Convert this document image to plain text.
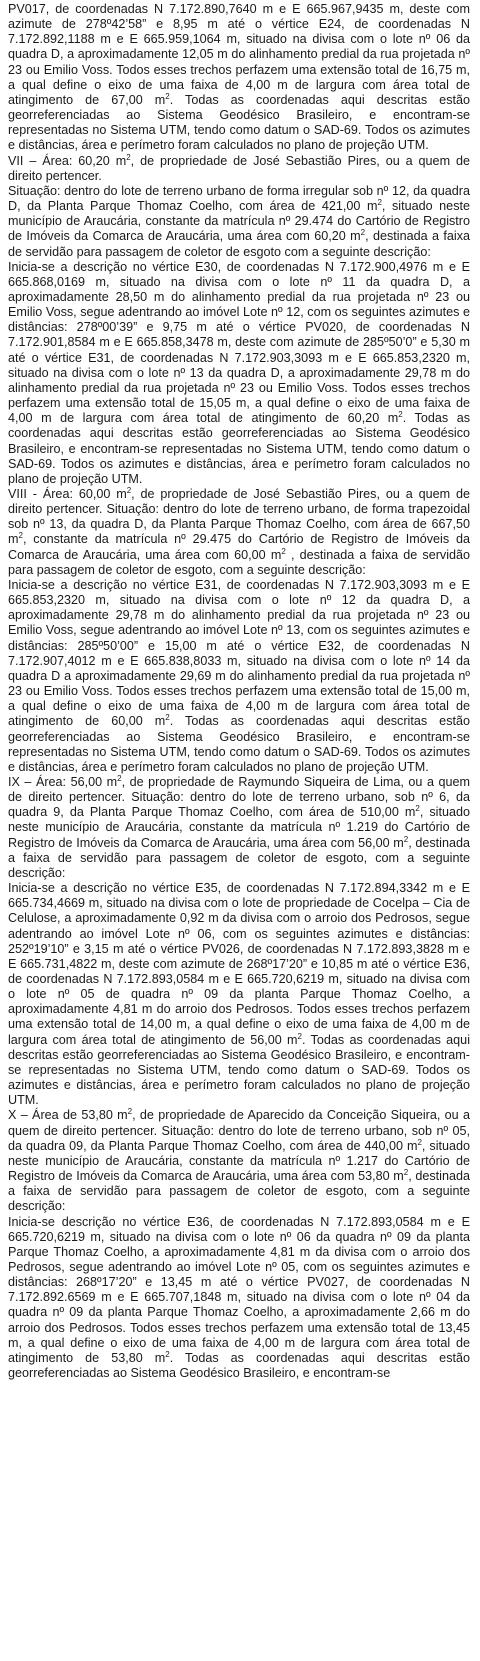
PV017, de coordenadas N 7.172.890,7640 m e E 665.967,9435 m, deste com azimute de 278º42’58” e 8,95 m até o vértice E24, de coordenadas N 7.172.892,1188 m e E 665.959,1064 m, situado na divisa com o lote nº 06 da quadra D, a aproximadamente 12,05 m do alinhamento predial da rua projetada nº 23 ou Emilio Voss. Todos esses trechos perfazem uma extensão total de 16,75 m, a qual define o eixo de uma faixa de 4,00 m de largura com área total de atingimento de 67,00 $m^2$. Todas as coordenadas aqui descritas estão georreferenciadas ao Sistema Geodésico Brasileiro, e encontram-se representadas no Sistema UTM, tendo como datum o SAD-69. Todos os azimutes e distâncias, área e perímetro foram calculados no plano de projeção UTM.

VII – Área: 60,20 $m^2$, de propriedade de José Sebastião Pires, ou a quem de direito pertencer.

Situação: dentro do lote de terreno urbano de forma irregular sob nº 12, da quadra D, da Planta Parque Thomaz Coelho, com área de 421,00 $m^2$, situado neste município de Araucária, constante da matrícula nº 29.474 do Cartório de Registro de Imóveis da Comarca de Araucária, uma área com 60,20 $m^2$, destinada a faixa de servidão para passagem de coletor de esgoto com a seguinte descrição:

Inicia-se a descrição no vértice E30, de coordenadas N 7.172.900,4976 m e E 665.868,0169 m, situado na divisa com o lote nº 11 da quadra D, a aproximadamente 28,50 m do alinhamento predial da rua projetada nº 23 ou Emilio Voss, segue adentrando ao imóvel Lote nº 12, com os seguintes azimutes e distâncias: 278º00’39” e 9,75 m até o vértice PV020, de coordenadas N 7.172.901,8584 m e E 665.858,3478 m, deste com azimute de 285º50’0” e 5,30 m até o vértice E31, de coordenadas N 7.172.903,3093 m e E 665.853,2320 m, situado na divisa com o lote nº 13 da quadra D, a aproximadamente 29,78 m do alinhamento predial da rua projetada nº 23 ou Emilio Voss. Todos esses trechos perfazem uma extensão total de 15,05 m, a qual define o eixo de uma faixa de 4,00 m de largura com área total de atingimento de 60,20 $m^2$. Todas as coordenadas aqui descritas estão georreferenciadas ao Sistema Geodésico Brasileiro, e encontram-se representadas no Sistema UTM, tendo como datum o SAD-69. Todos os azimutes e distâncias, área e perímetro foram calculados no plano de projeção UTM.

VIII - Área: 60,00 $m^2$, de propriedade de José Sebastião Pires, ou a quem de direito pertencer. Situação: dentro do lote de terreno urbano, de forma trapezoidal sob nº 13, da quadra D, da Planta Parque Thomaz Coelho, com área de 667,50 $m^2$, constante da matrícula nº 29.475 do Cartório de Registro de Imóveis da Comarca de Araucária, uma área com 60,00 $m^2$ , destinada a faixa de servidão para passagem de coletor de esgoto, com a seguinte descrição:

Inicia-se a descrição no vértice E31, de coordenadas N 7.172.903,3093 m e E 665.853,2320 m, situado na divisa com o lote nº 12 da quadra D, a aproximadamente 29,78 m do alinhamento predial da rua projetada nº 23 ou Emilio Voss, segue adentrando ao imóvel Lote nº 13, com os seguintes azimutes e distâncias: 285º50’00” e 15,00 m até o vértice E32, de coordenadas N 7.172.907,4012 m e E 665.838,8033 m, situado na divisa com o lote nº 14 da quadra D a aproximadamente 29,69 m do alinhamento predial da rua projetada nº 23 ou Emilio Voss. Todos esses trechos perfazem uma extensão total de 15,00 m, a qual define o eixo de uma faixa de 4,00 m de largura com área total de atingimento de 60,00 $m^2$. Todas as coordenadas aqui descritas estão georreferenciadas ao Sistema Geodésico Brasileiro, e encontram-se representadas no Sistema UTM, tendo como datum o SAD-69. Todos os azimutes e distâncias, área e perímetro foram calculados no plano de projeção UTM.

IX – Área: 56,00 $m^2$, de propriedade de Raymundo Siqueira de Lima, ou a quem de direito pertencer. Situação: dentro do lote de terreno urbano, sob nº 6, da quadra 9, da Planta Parque Thomaz Coelho, com área de 510,00 $m^2$, situado neste município de Araucária, constante da matrícula nº 1.219 do Cartório de Registro de Imóveis da Comarca de Araucária, uma área com 56,00 $m^2$, destinada a faixa de servidão para passagem de coletor de esgoto, com a seguinte descrição:

Inicia-se a descrição no vértice E35, de coordenadas N 7.172.894,3342 m e E 665.734,4669 m, situado na divisa com o lote de propriedade de Cocelpa – Cia de Celulose, a aproximadamente 0,92 m da divisa com o arroio dos Pedrosos, segue adentrando ao imóvel Lote nº 06, com os seguintes azimutes e distâncias: 252º19’10” e 3,15 m até o vértice PV026, de coordenadas N 7.172.893,3828 m e E 665.731,4822 m, deste com azimute de 268º17’20” e 10,85 m até o vértice E36, de coordenadas N 7.172.893,0584 m e E 665.720,6219 m, situado na divisa com o lote nº 05 de quadra nº 09 da planta Parque Thomaz Coelho, a aproximadamente 4,81 m do arroio dos Pedrosos. Todos esses trechos perfazem uma extensão total de 14,00 m, a qual define o eixo de uma faixa de 4,00 m de largura com área total de atingimento de 56,00 $m^2$. Todas as coordenadas aqui descritas estão georreferenciadas ao Sistema Geodésico Brasileiro, e encontram-se representadas no Sistema UTM, tendo como datum o SAD-69. Todos os azimutes e distâncias, área e perímetro foram calculados no plano de projeção UTM.

X – Área de 53,80 $m^2$, de propriedade de Aparecido da Conceição Siqueira, ou a quem de direito pertencer. Situação: dentro do lote de terreno urbano, sob nº 05, da quadra 09, da Planta Parque Thomaz Coelho, com área de 440,00 $m^2$, situado neste município de Araucária, constante da matrícula nº 1.217 do Cartório de Registro de Imóveis da Comarca de Araucária, uma área com 53,80 $m^2$, destinada a faixa de servidão para passagem de coletor de esgoto, com a seguinte descrição:

Inicia-se descrição no vértice E36, de coordenadas N 7.172.893,0584 m e E 665.720,6219 m, situado na divisa com o lote nº 06 da quadra nº 09 da planta Parque Thomaz Coelho, a aproximadamente 4,81 m da divisa com o arroio dos Pedrosos, segue adentrando ao imóvel Lote nº 05, com os seguintes azimutes e distâncias: 268º17’20” e 13,45 m até o vértice PV027, de coordenadas N 7.172.892.6569 m e E 665.707,1848 m, situado na divisa com o lote nº 04 da quadra nº 09 da planta Parque Thomaz Coelho, a aproximadamente 2,66 m do arroio dos Pedrosos. Todos esses trechos perfazem uma extensão total de 13,45 m, a qual define o eixo de uma faixa de 4,00 m de largura com área total de atingimento de 53,80 $m^2$. Todas as coordenadas aqui descritas estão georreferenciadas ao Sistema Geodésico Brasileiro, e encontram-se
